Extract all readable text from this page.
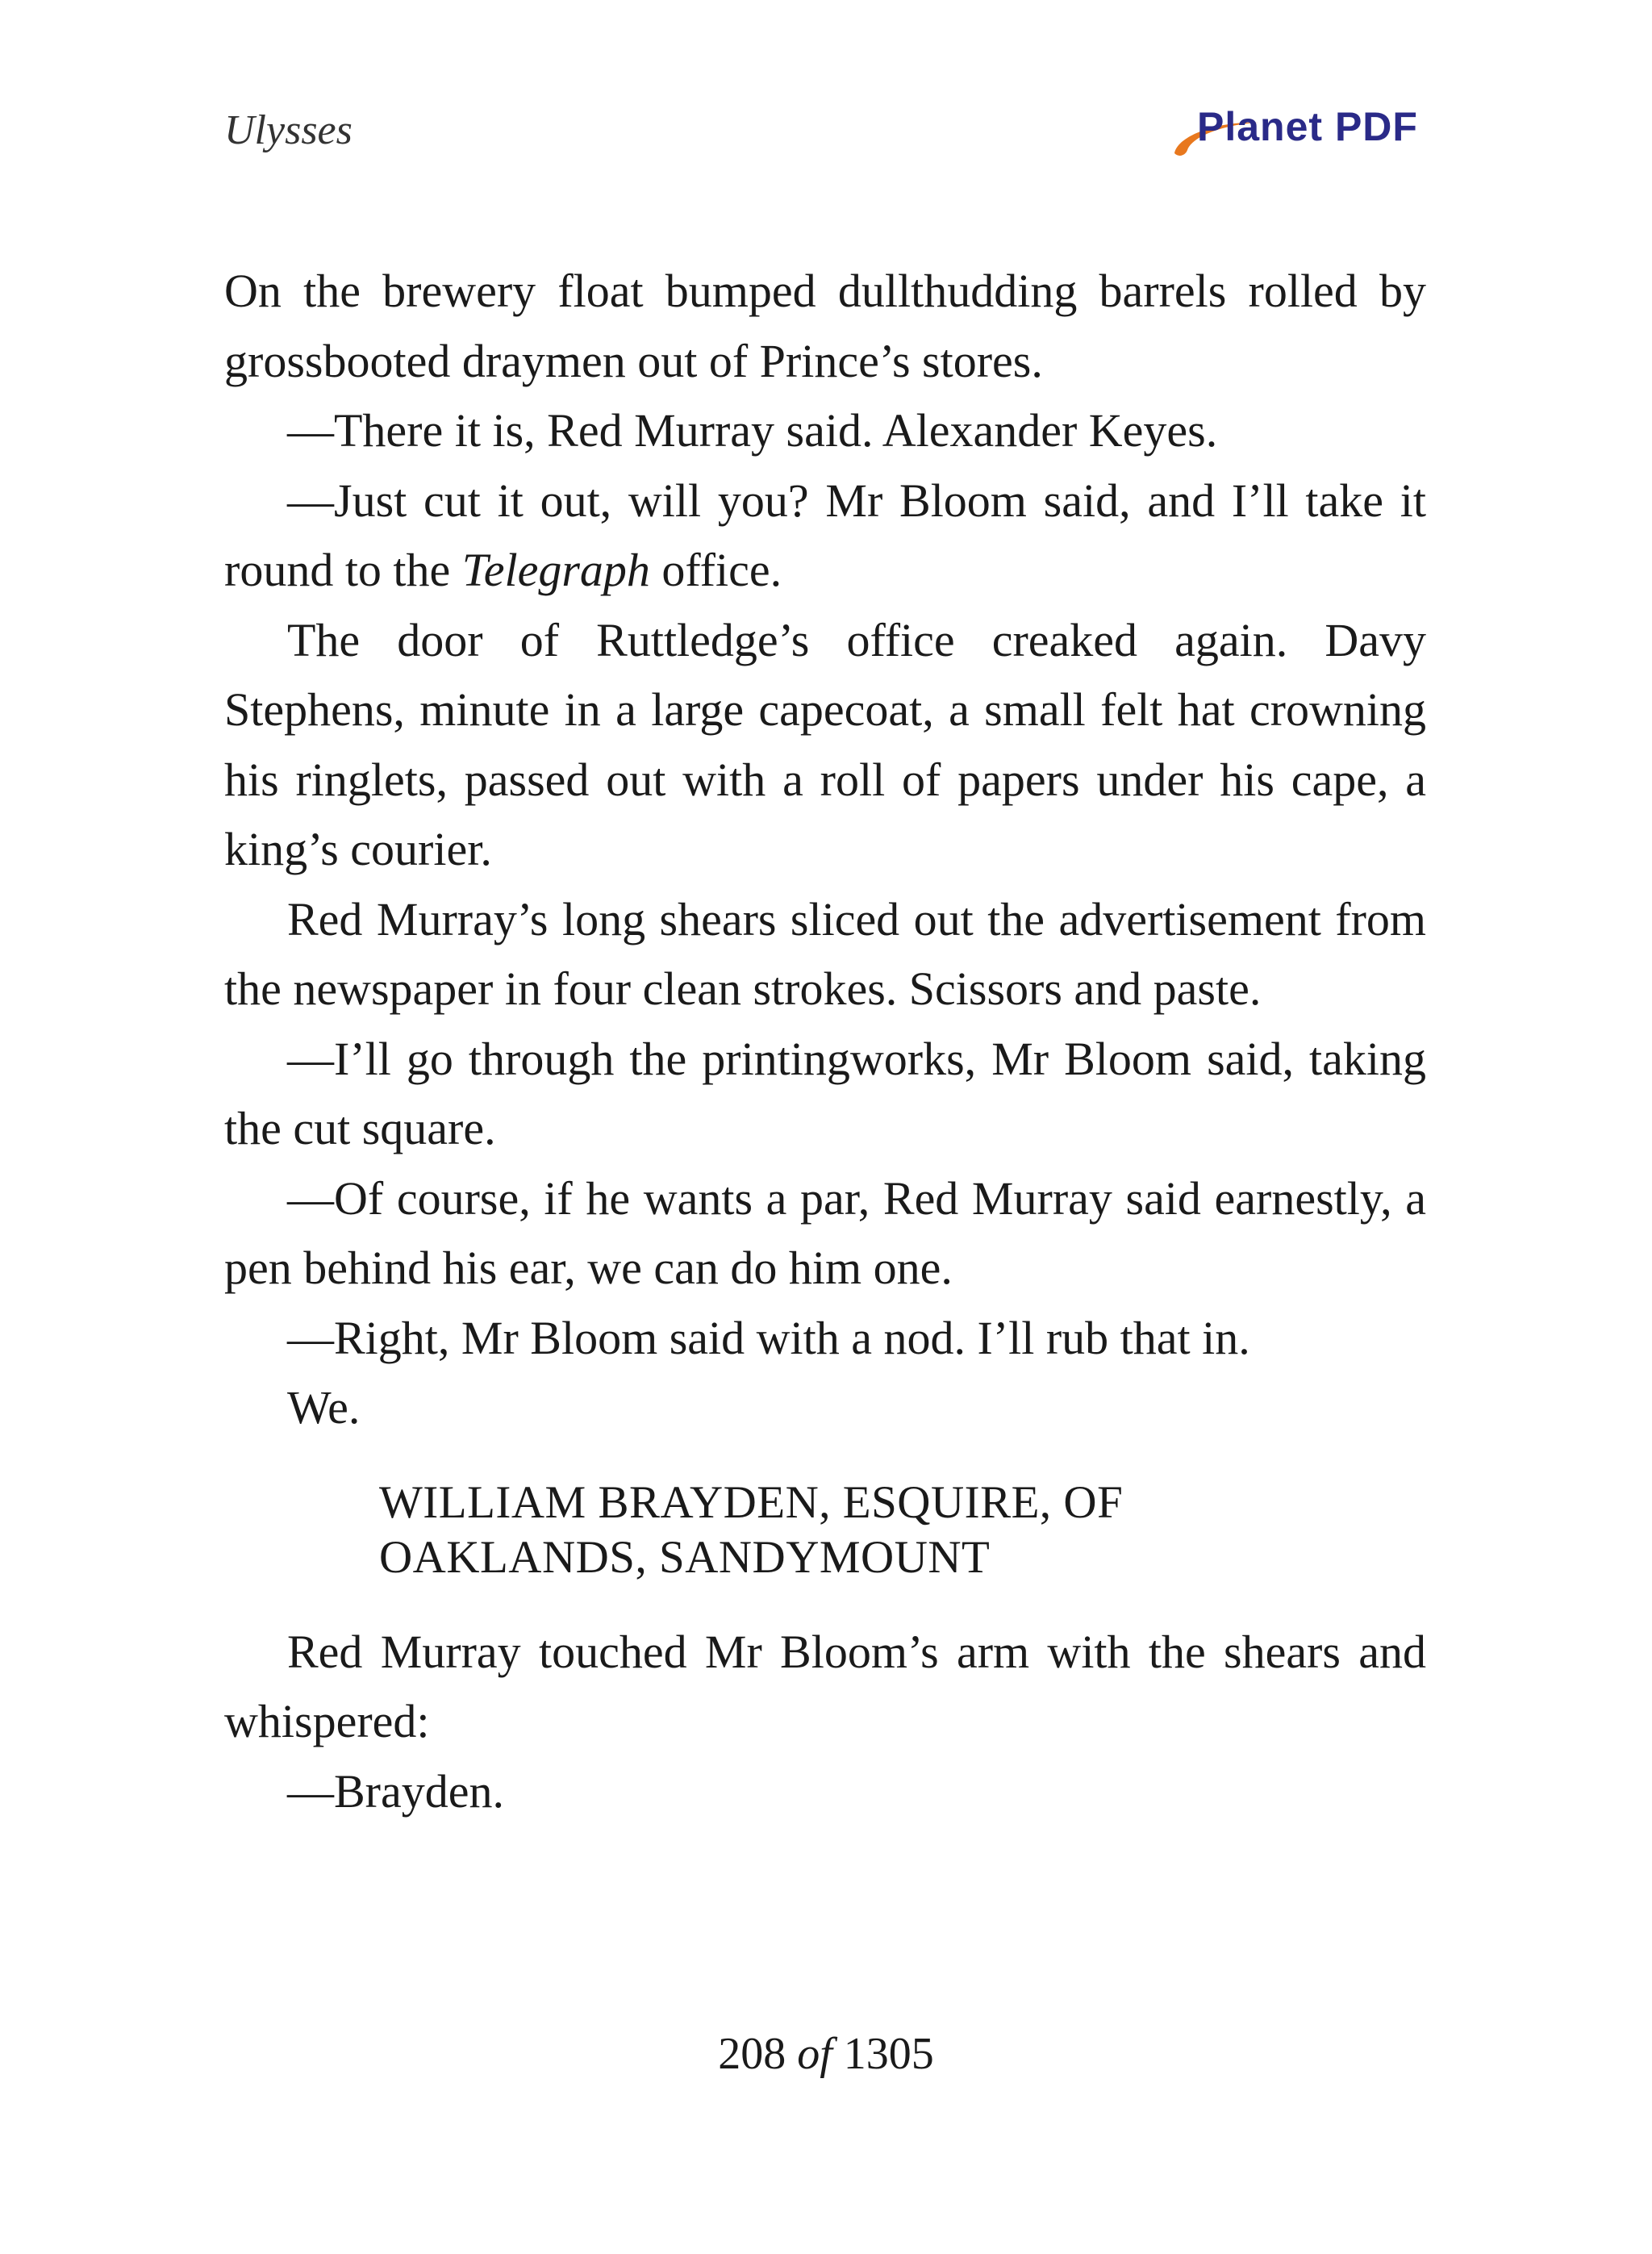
Ulysses	Planet PDF

On the brewery float bumped dullthudding barrels rolled by grossbooted draymen out of Prince’s stores.

—There it is, Red Murray said. Alexander Keyes.

—Just cut it out, will you? Mr Bloom said, and I’ll take it round to the Telegraph office.

The door of Ruttledge’s office creaked again. Davy Stephens, minute in a large capecoat, a small felt hat crowning his ringlets, passed out with a roll of papers under his cape, a king’s courier.

Red Murray’s long shears sliced out the advertisement from the newspaper in four clean strokes. Scissors and paste.

—I’ll go through the printingworks, Mr Bloom said, taking the cut square.

—Of course, if he wants a par, Red Murray said earnestly, a pen behind his ear, we can do him one.

—Right, Mr Bloom said with a nod. I’ll rub that in.

We.

WILLIAM BRAYDEN, ESQUIRE, OF
OAKLANDS, SANDYMOUNT

Red Murray touched Mr Bloom’s arm with the shears and whispered:

—Brayden.

208 of 1305
